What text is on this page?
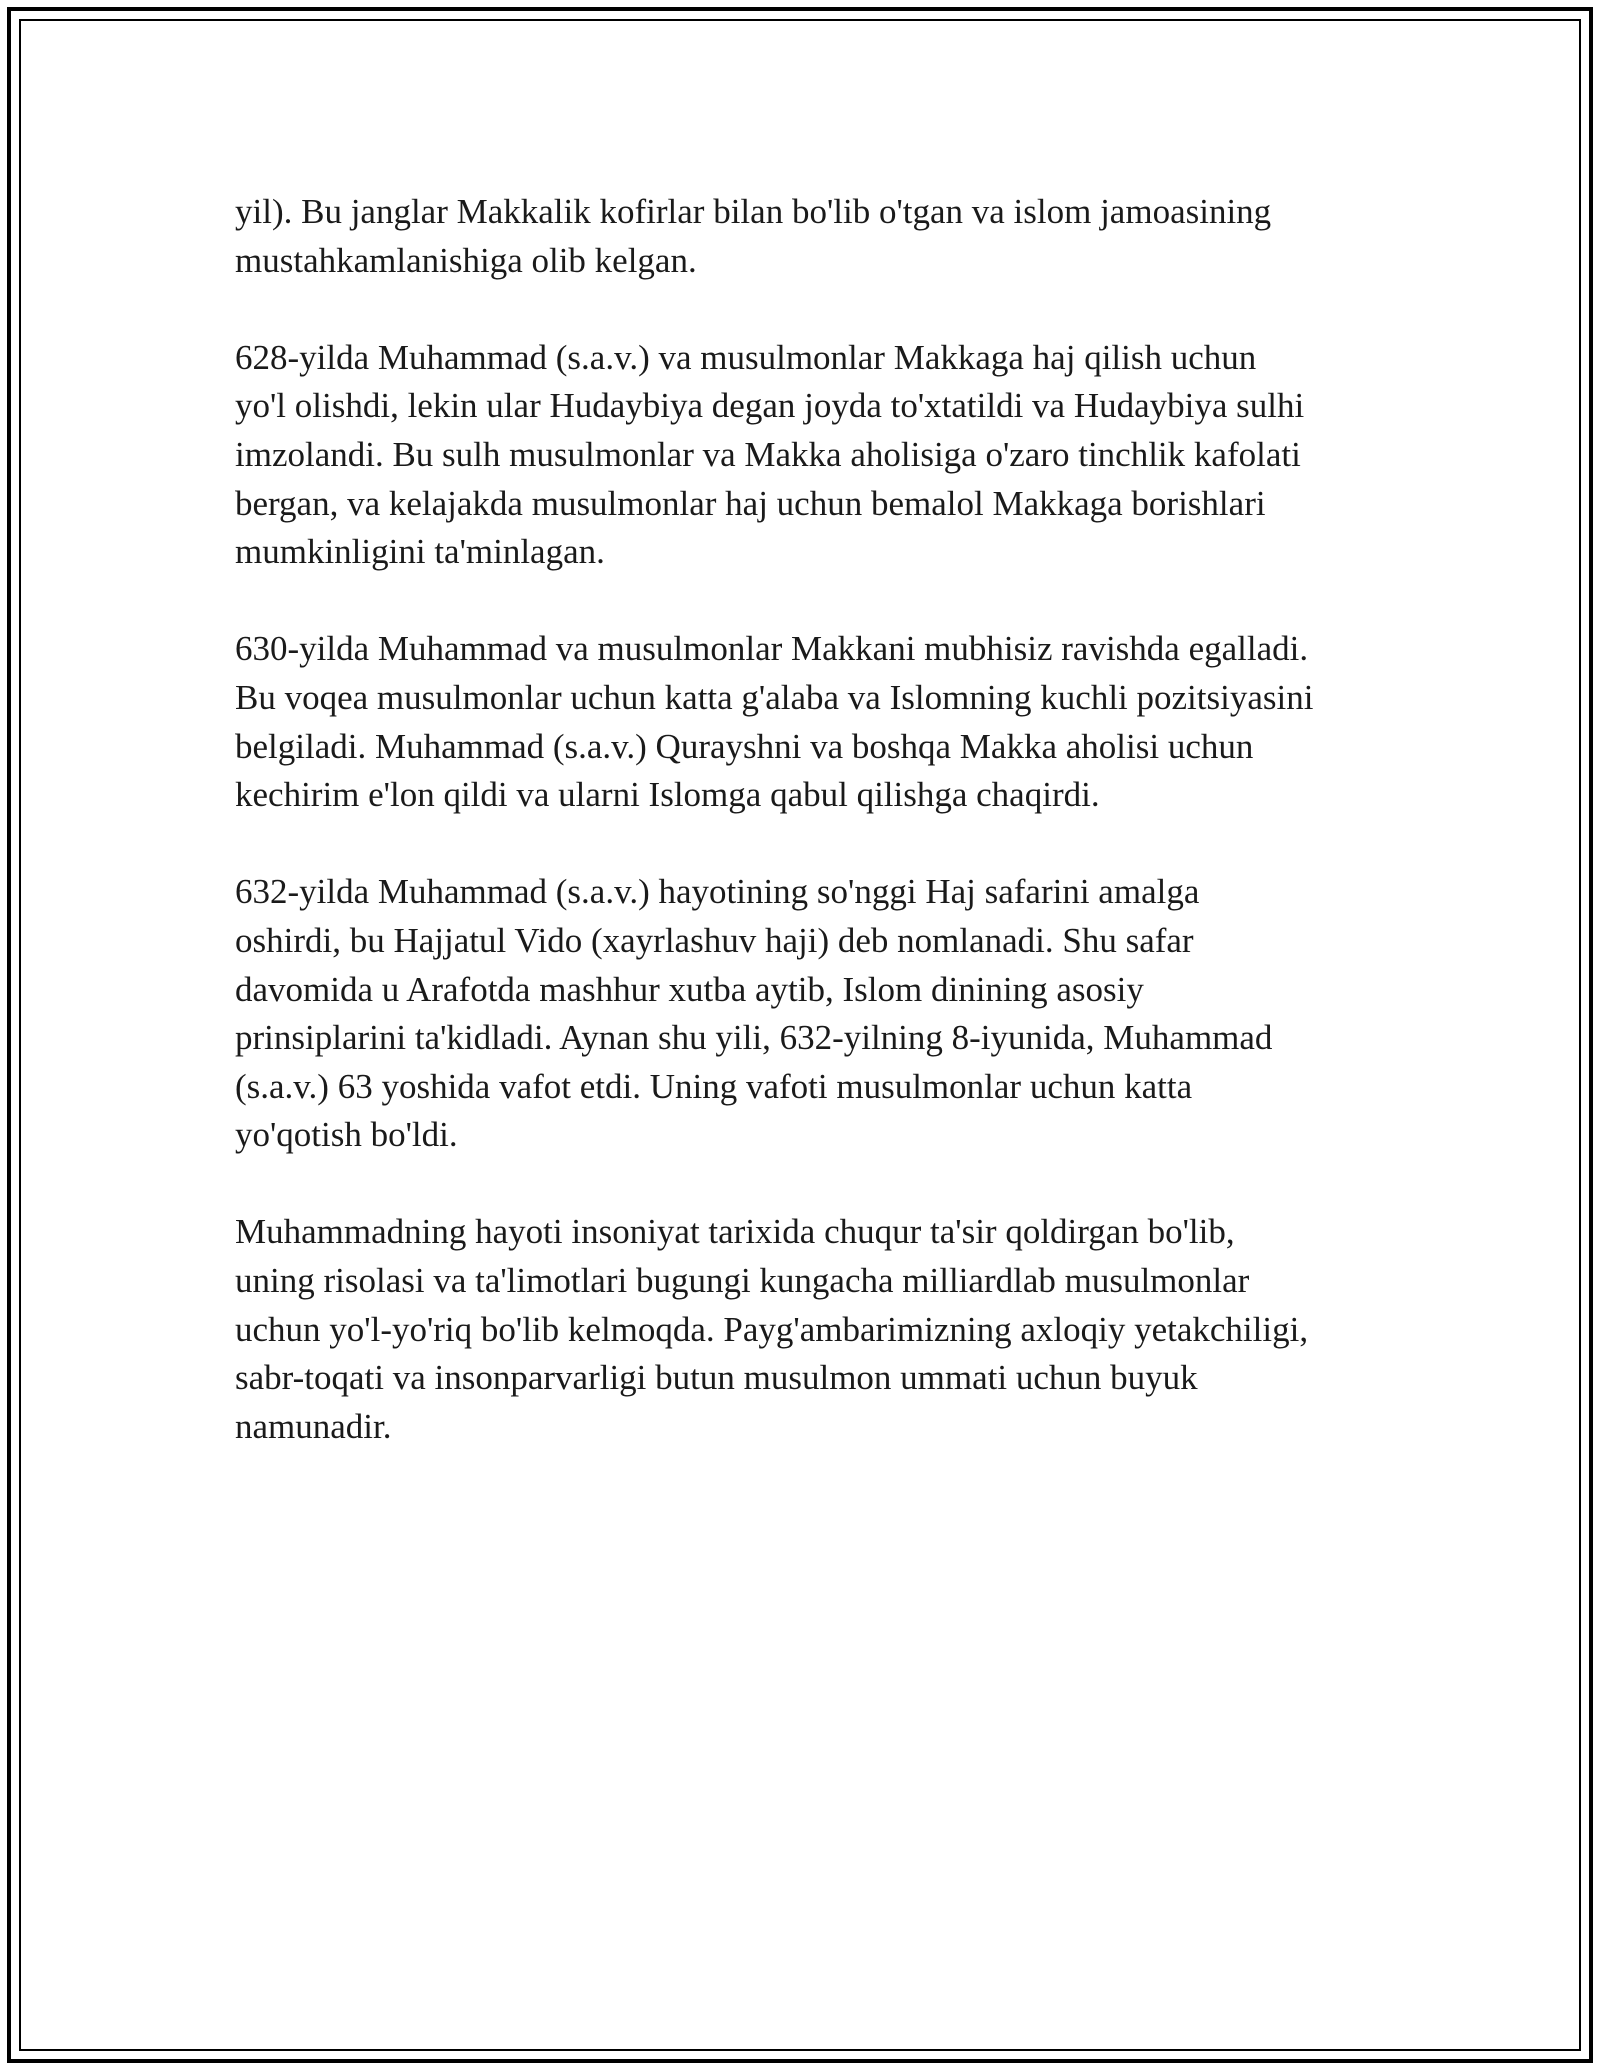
yil). Bu janglar Makkalik kofirlar bilan bo'lib o'tgan va islom jamoasining
mustahkamlanishiga olib kelgan.

628-yilda Muhammad (s.a.v.) va musulmonlar Makkaga haj qilish uchun
yo'l olishdi, lekin ular Hudaybiya degan joyda to'xtatildi va Hudaybiya sulhi
imzolandi. Bu sulh musulmonlar va Makka aholisiga o'zaro tinchlik kafolati
bergan, va kelajakda musulmonlar haj uchun bemalol Makkaga borishlari
mumkinligini ta'minlagan.

630-yilda Muhammad va musulmonlar Makkani mubhisiz ravishda egalladi.
Bu voqea musulmonlar uchun katta g'alaba va Islomning kuchli pozitsiyasini
belgiladi. Muhammad (s.a.v.) Qurayshni va boshqa Makka aholisi uchun
kechirim e'lon qildi va ularni Islomga qabul qilishga chaqirdi.

632-yilda Muhammad (s.a.v.) hayotining so'nggi Haj safarini amalga
oshirdi, bu Hajjatul Vido (xayrlashuv haji) deb nomlanadi. Shu safar
davomida u Arafotda mashhur xutba aytib, Islom dinining asosiy
prinsiplarini ta'kidladi. Aynan shu yili, 632-yilning 8-iyunida, Muhammad
(s.a.v.) 63 yoshida vafot etdi. Uning vafoti musulmonlar uchun katta
yo'qotish bo'ldi.

Muhammadning hayoti insoniyat tarixida chuqur ta'sir qoldirgan bo'lib,
uning risolasi va ta'limotlari bugungi kungacha milliardlab musulmonlar
uchun yo'l-yo'riq bo'lib kelmoqda. Payg'ambarimizning axloqiy yetakchiligi,
sabr-toqati va insonparvarligi butun musulmon ummati uchun buyuk
namunadir.
